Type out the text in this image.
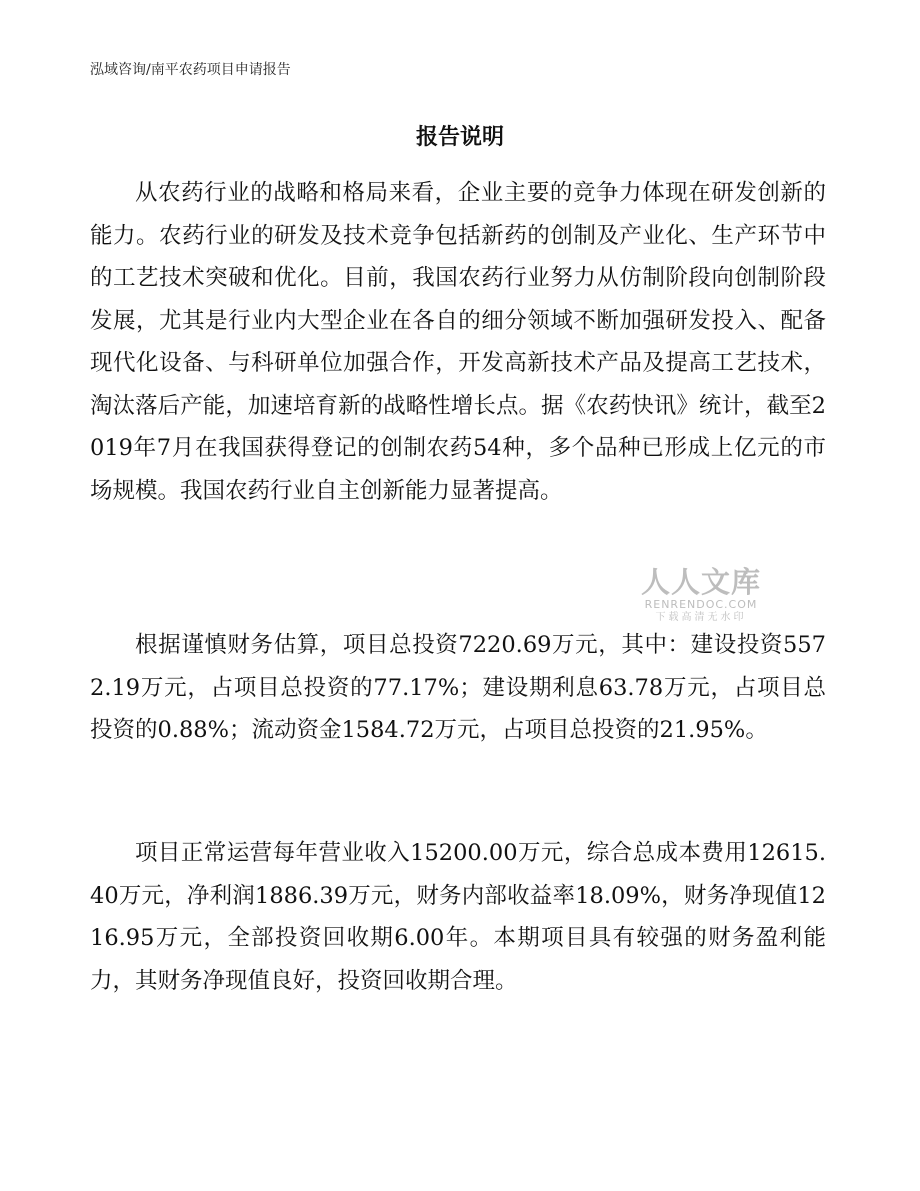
泓域咨询/南平农药项目申请报告
报告说明

从农药行业的战略和格局来看，企业主要的竞争力体现在研发创新的能力。农药行业的研发及技术竞争包括新药的创制及产业化、生产环节中的工艺技术突破和优化。目前，我国农药行业努力从仿制阶段向创制阶段发展，尤其是行业内大型企业在各自的细分领域不断加强研发投入、配备现代化设备、与科研单位加强合作，开发高新技术产品及提高工艺技术，淘汰落后产能，加速培育新的战略性增长点。据《农药快讯》统计，截至2019年7月在我国获得登记的创制农药54种，多个品种已形成上亿元的市场规模。我国农药行业自主创新能力显著提高。

根据谨慎财务估算，项目总投资7220.69万元，其中：建设投资5572.19万元，占项目总投资的77.17%；建设期利息63.78万元，占项目总投资的0.88%；流动资金1584.72万元，占项目总投资的21.95%。

项目正常运营每年营业收入15200.00万元，综合总成本费用12615.40万元，净利润1886.39万元，财务内部收益率18.09%，财务净现值1216.95万元，全部投资回收期6.00年。本期项目具有较强的财务盈利能力，其财务净现值良好，投资回收期合理。

人人文库
RENRENDOC.COM
下载高清无水印
